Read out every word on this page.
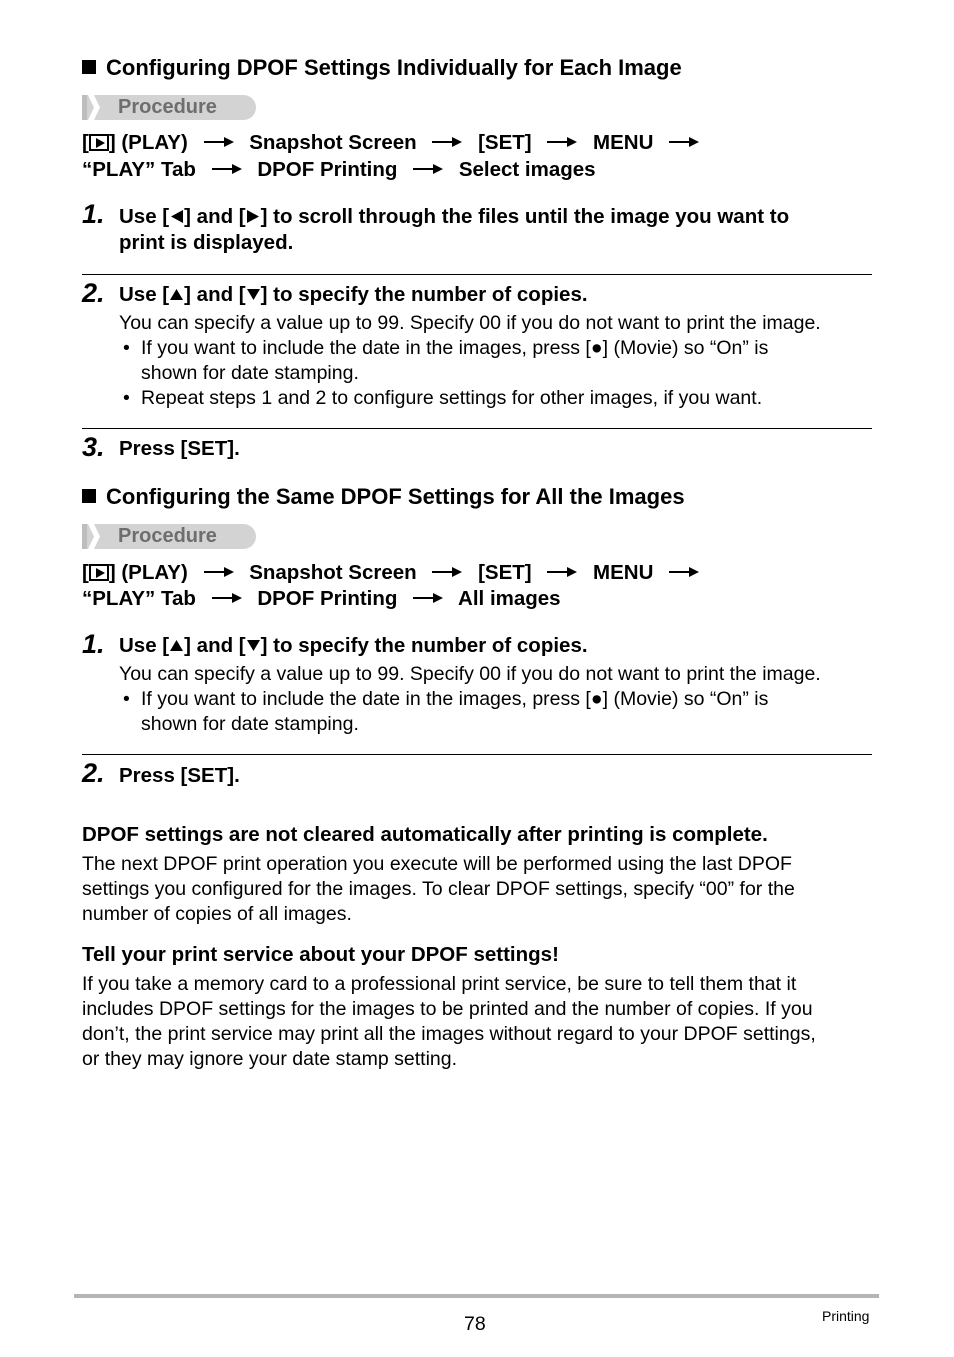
Configuring DPOF Settings Individually for Each Image
Procedure
[ ] (PLAY)	Snapshot Screen	[SET]	MENU
“PLAY” Tab	DPOF Printing	Select images
1. Use [ ] and [ ] to scroll through the files until the image you want to
print is displayed.
2. Use [ ] and [ ] to specify the number of copies.
You can specify a value up to 99. Specify 00 if you do not want to print the image.
• If you want to include the date in the images, press [●] (Movie) so “On” is
shown for date stamping.
• Repeat steps 1 and 2 to configure settings for other images, if you want.
3. Press [SET].
Configuring the Same DPOF Settings for All the Images
Procedure
[ ] (PLAY)	Snapshot Screen	[SET]	MENU
“PLAY” Tab	DPOF Printing	All images
1. Use [ ] and [ ] to specify the number of copies.
You can specify a value up to 99. Specify 00 if you do not want to print the image.
• If you want to include the date in the images, press [●] (Movie) so “On” is
shown for date stamping.
2. Press [SET].
DPOF settings are not cleared automatically after printing is complete.
The next DPOF print operation you execute will be performed using the last DPOF
settings you configured for the images. To clear DPOF settings, specify “00” for the
number of copies of all images.
Tell your print service about your DPOF settings!
If you take a memory card to a professional print service, be sure to tell them that it
includes DPOF settings for the images to be printed and the number of copies. If you
don’t, the print service may print all the images without regard to your DPOF settings,
or they may ignore your date stamp setting.
78	Printing
